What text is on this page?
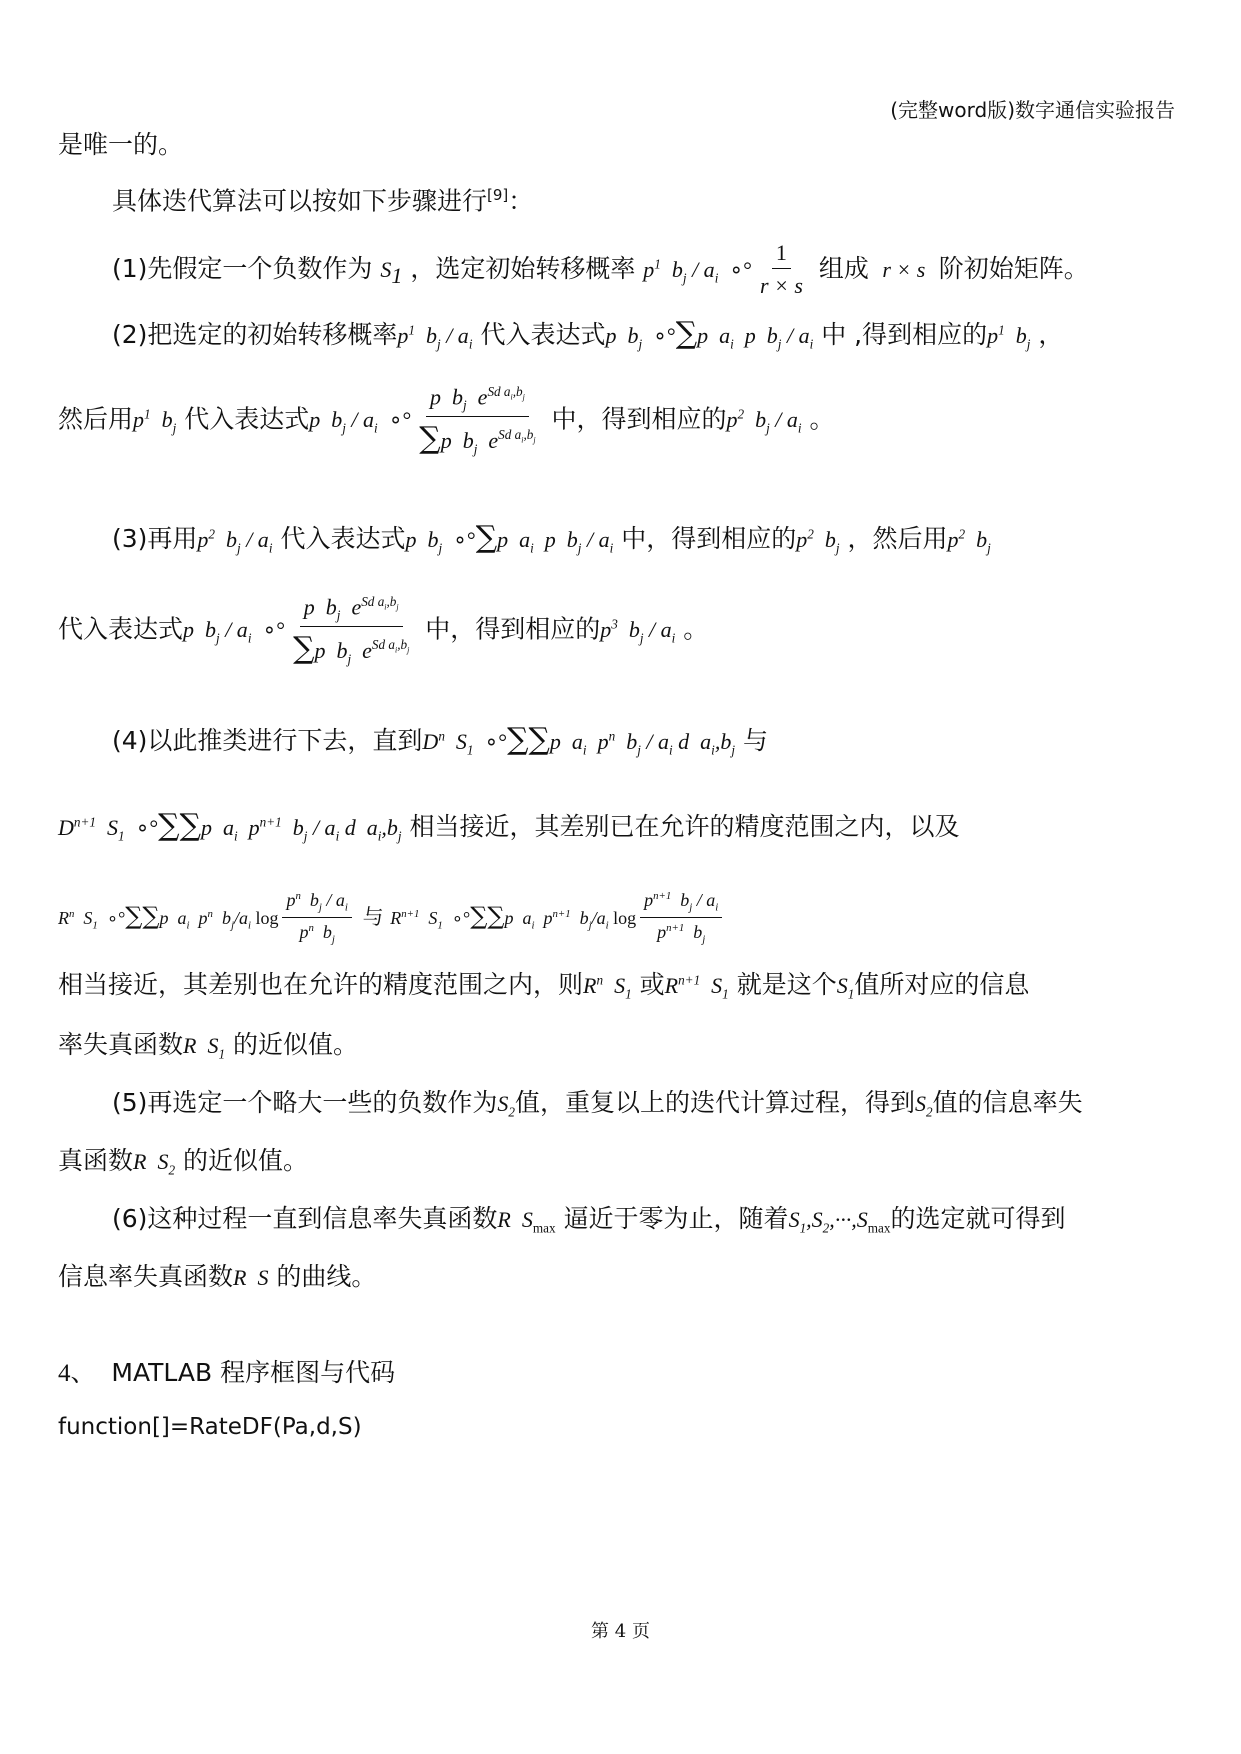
(完整word版)数字通信实验报告
是唯一的。
具体迭代算法可以按如下步骤进行[9]：
(1)先假定一个负数作为 $S_1$ ，选定初始转移概率 $p^1$  $b_j / a_i$ ∘° $\frac{1}{r \times s}$ 组成  r × s  阶初始矩阵。
(2)把选定的初始转移概率$p^1$  $b_j / a_i$ 代入表达式p  $b_j$ ∘°∑p  $a_i$  p  $b_j / a_i$ 中 ,得到相应的$p^1$  $b_j$ ，
然后用$p^1$  $b_j$ 代入表达式p  $b_j / a_i$ ∘° $\frac{p b_j e^{Sd a_i,b_j}}{\sum p b_j e^{Sd a_i,b_j}}$ 中，得到相应的$p^2$  $b_j / a_i$ 。
(3)再用$p^2$  $b_j / a_i$ 代入表达式p  $b_j$ ∘°∑p  $a_i$  p  $b_j / a_i$ 中，得到相应的$p^2$  $b_j$ ，然后用$p^2$  $b_j$
代入表达式p  $b_j / a_i$ ∘° $\frac{p b_j e^{Sd a_i,b_j}}{\sum p b_j e^{Sd a_i,b_j}}$ 中，得到相应的$p^3$  $b_j / a_i$ 。
(4)以此推类进行下去，直到$D^n$  $S_1$ ∘°∑∑p  $a_i$  $p^n$  $b_j / a_i$ d  $a_i,b_j$ 与
$D^{n+1}$  $S_1$ ∘°∑∑p  $a_i$  $p^{n+1}$  $b_j / a_i$ d  $a_i,b_j$ 相当接近，其差别已在允许的精度范围之内，以及
$R^n$  $S_1$ ∘°∑∑p  $a_i$  $p^n$  $b_j/a_i$ $\log \frac{p^n b_j / a_i}{p^n b_j}$ 与 $R^{n+1}$  $S_1$ ∘°∑∑p  $a_i$  $p^{n+1}$  $b_j/a_i$ $\log \frac{p^{n+1} b_j / a_i}{p^{n+1} b_j}$
相当接近，其差别也在允许的精度范围之内，则$R^n$  $S_1$ 或$R^{n+1}$  $S_1$ 就是这个$S_1$值所对应的信息
率失真函数R  $S_1$ 的近似值。
(5)再选定一个略大一些的负数作为$S_2$值，重复以上的迭代计算过程，得到$S_2$值的信息率失
真函数R  $S_2$ 的近似值。
(6)这种过程一直到信息率失真函数R  $S_{max}$ 逼近于零为止，随着$S_1,S_2,\cdot\cdot\cdot,S_{max}$的选定就可得到
信息率失真函数R  S 的曲线。
4、 MATLAB 程序框图与代码
function[]=RateDF(Pa,d,S)
第 4 页
